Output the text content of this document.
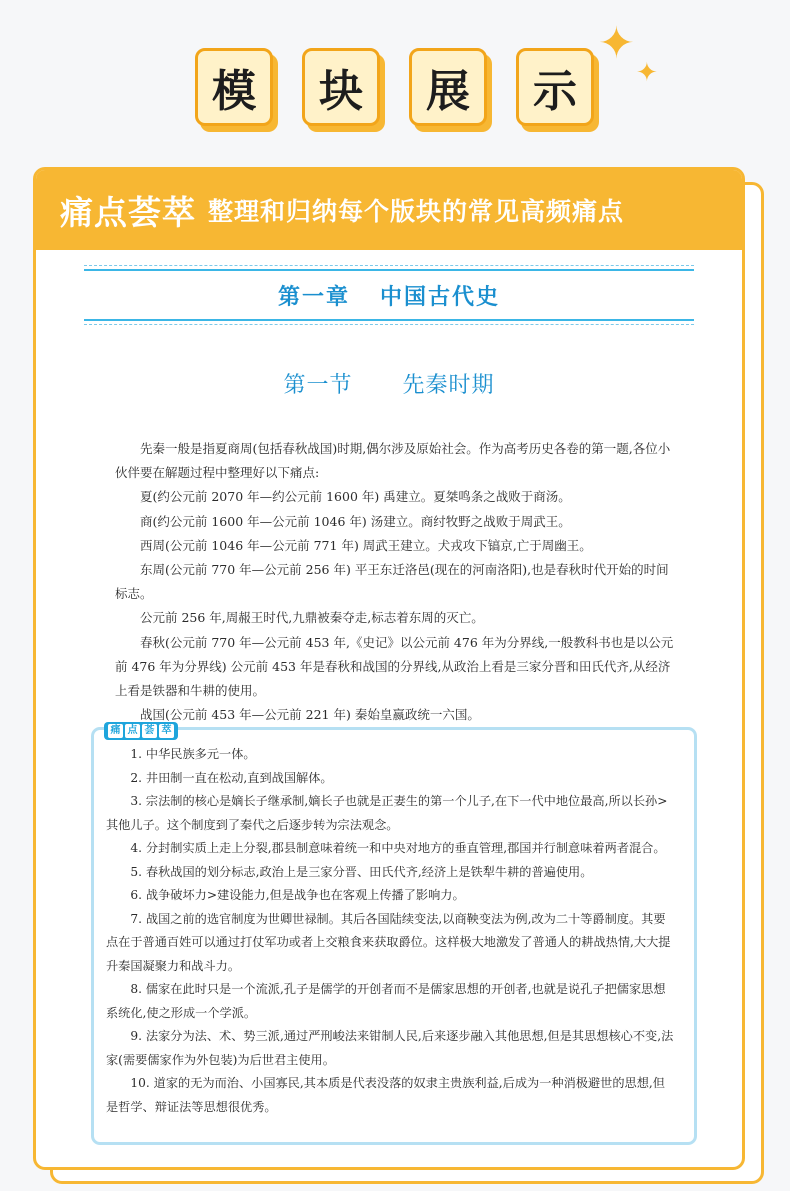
模	块	展	示
✦
✦
痛点荟萃 整理和归纳每个版块的常见高频痛点
第一章 中国古代史
第一节 先秦时期

先秦一般是指夏商周(包括春秋战国)时期,偶尔涉及原始社会。作为高考历史各卷的第一题,各位小伙伴要在解题过程中整理好以下痛点:

夏(约公元前 2070 年—约公元前 1600 年) 禹建立。夏桀鸣条之战败于商汤。

商(约公元前 1600 年—公元前 1046 年) 汤建立。商纣牧野之战败于周武王。

西周(公元前 1046 年—公元前 771 年) 周武王建立。犬戎攻下镐京,亡于周幽王。

东周(公元前 770 年—公元前 256 年) 平王东迁洛邑(现在的河南洛阳),也是春秋时代开始的时间标志。

公元前 256 年,周赧王时代,九鼎被秦夺走,标志着东周的灭亡。

春秋(公元前 770 年—公元前 453 年,《史记》以公元前 476 年为分界线,一般教科书也是以公元前 476 年为分界线) 公元前 453 年是春秋和战国的分界线,从政治上看是三家分晋和田氏代齐,从经济上看是铁器和牛耕的使用。

战国(公元前 453 年—公元前 221 年) 秦始皇嬴政统一六国。

痛 点 荟 萃

1. 中华民族多元一体。

2. 井田制一直在松动,直到战国解体。

3. 宗法制的核心是嫡长子继承制,嫡长子也就是正妻生的第一个儿子,在下一代中地位最高,所以长孙>其他儿子。这个制度到了秦代之后逐步转为宗法观念。

4. 分封制实质上走上分裂,郡县制意味着统一和中央对地方的垂直管理,郡国并行制意味着两者混合。

5. 春秋战国的划分标志,政治上是三家分晋、田氏代齐,经济上是铁犁牛耕的普遍使用。

6. 战争破坏力>建设能力,但是战争也在客观上传播了影响力。

7. 战国之前的选官制度为世卿世禄制。其后各国陆续变法,以商鞅变法为例,改为二十等爵制度。其要点在于普通百姓可以通过打仗军功或者上交粮食来获取爵位。这样极大地激发了普通人的耕战热情,大大提升秦国凝聚力和战斗力。

8. 儒家在此时只是一个流派,孔子是儒学的开创者而不是儒家思想的开创者,也就是说孔子把儒家思想系统化,使之形成一个学派。

9. 法家分为法、术、势三派,通过严刑峻法来钳制人民,后来逐步融入其他思想,但是其思想核心不变,法家(需要儒家作为外包装)为后世君主使用。

10. 道家的无为而治、小国寡民,其本质是代表没落的奴隶主贵族利益,后成为一种消极避世的思想,但是哲学、辩证法等思想很优秀。
